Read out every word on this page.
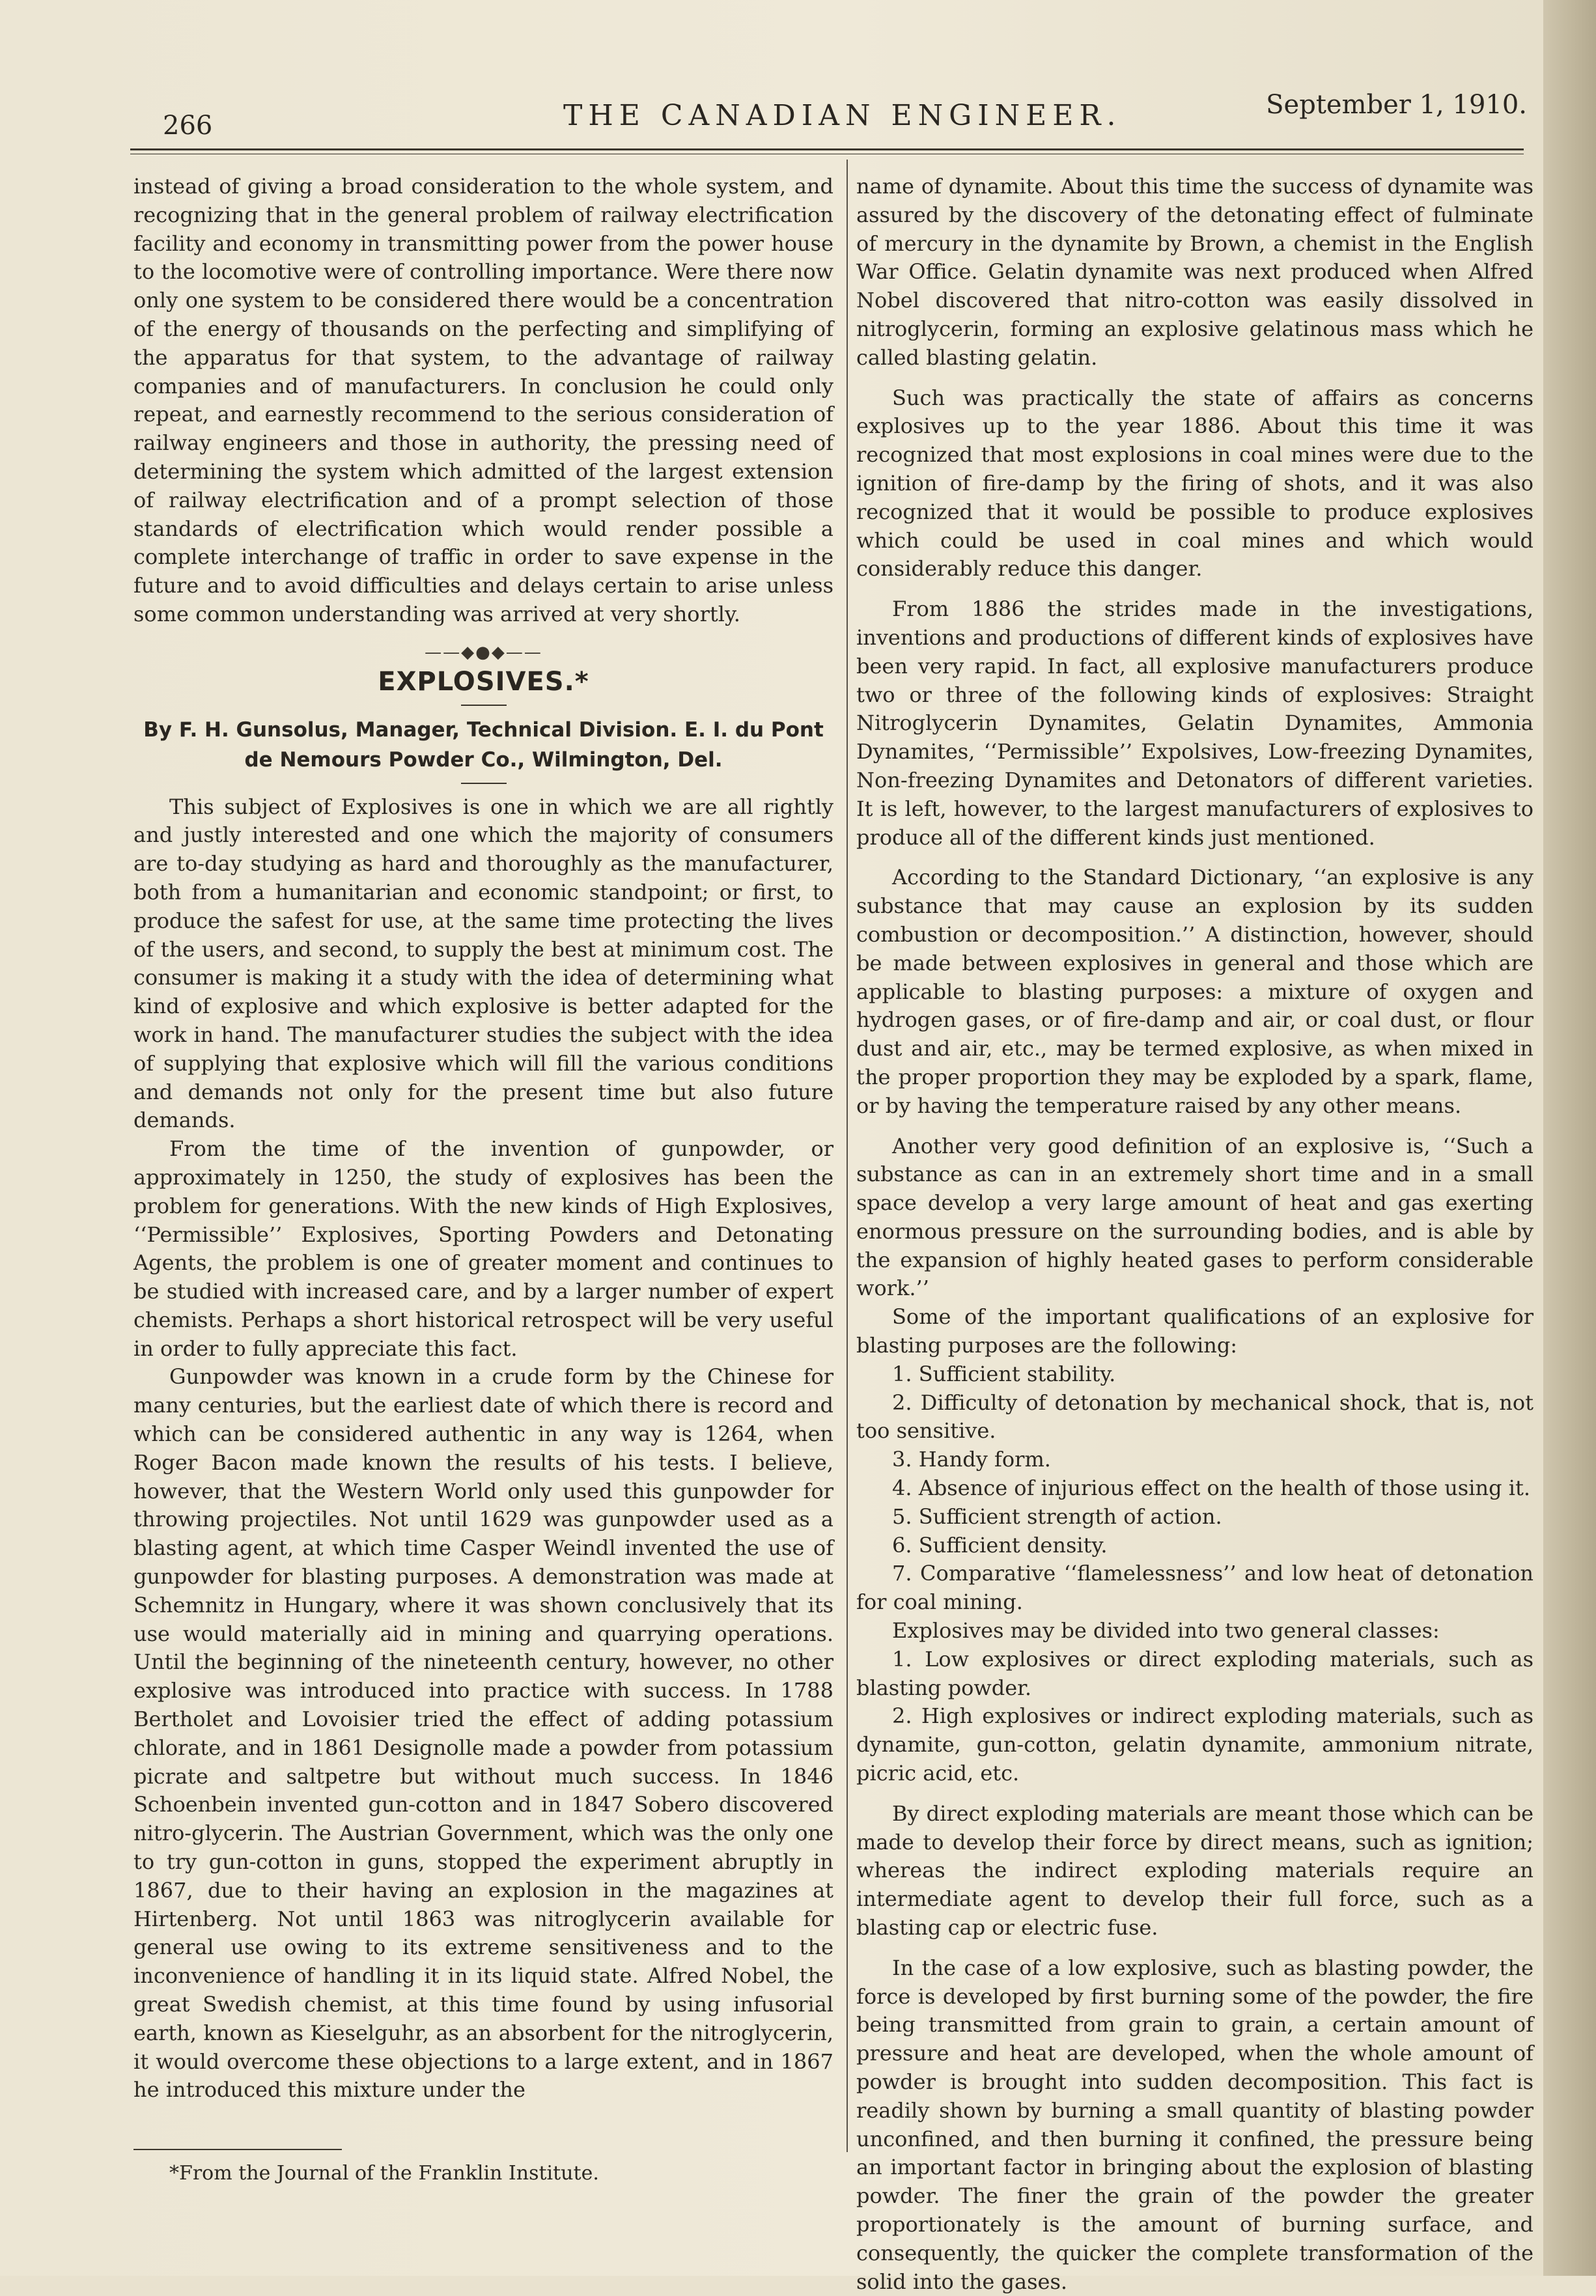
266	THE CANADIAN ENGINEER.	September 1, 1910.

instead of giving a broad consideration to the whole system, and recognizing that in the general problem of railway electrification facility and economy in transmitting power from the power house to the locomotive were of controlling importance. Were there now only one system to be considered there would be a concentration of the energy of thousands on the perfecting and simplifying of the apparatus for that system, to the advantage of railway companies and of manufacturers. In conclusion he could only repeat, and earnestly recommend to the serious consideration of railway engineers and those in authority, the pressing need of determining the system which admitted of the largest extension of railway electrification and of a prompt selection of those standards of electrification which would render possible a complete interchange of traffic in order to save expense in the future and to avoid difficulties and delays certain to arise unless some common understanding was arrived at very shortly.

——◆●◆——
EXPLOSIVES.*
By F. H. Gunsolus, Manager, Technical Division. E. I. du Pont de Nemours Powder Co., Wilmington, Del.

This subject of Explosives is one in which we are all rightly and justly interested and one which the majority of consumers are to-day studying as hard and thoroughly as the manufacturer, both from a humanitarian and economic standpoint; or first, to produce the safest for use, at the same time protecting the lives of the users, and second, to supply the best at minimum cost. The consumer is making it a study with the idea of determining what kind of explosive and which explosive is better adapted for the work in hand. The manufacturer studies the subject with the idea of supplying that explosive which will fill the various conditions and demands not only for the present time but also future demands.

From the time of the invention of gunpowder, or approximately in 1250, the study of explosives has been the problem for generations. With the new kinds of High Explosives, ‘‘Permissible’’ Explosives, Sporting Powders and Detonating Agents, the problem is one of greater moment and continues to be studied with increased care, and by a larger number of expert chemists. Perhaps a short historical retrospect will be very useful in order to fully appreciate this fact.

Gunpowder was known in a crude form by the Chinese for many centuries, but the earliest date of which there is record and which can be considered authentic in any way is 1264, when Roger Bacon made known the results of his tests. I believe, however, that the Western World only used this gunpowder for throwing projectiles. Not until 1629 was gunpowder used as a blasting agent, at which time Casper Weindl invented the use of gunpowder for blasting purposes. A demonstration was made at Schemnitz in Hungary, where it was shown conclusively that its use would materially aid in mining and quarrying operations. Until the beginning of the nineteenth century, however, no other explosive was introduced into practice with success. In 1788 Bertholet and Lovoisier tried the effect of adding potassium chlorate, and in 1861 Designolle made a powder from potassium picrate and saltpetre but without much success. In 1846 Schoenbein invented gun-cotton and in 1847 Sobero discovered nitro-glycerin. The Austrian Government, which was the only one to try gun-cotton in guns, stopped the experiment abruptly in 1867, due to their having an explosion in the magazines at Hirtenberg. Not until 1863 was nitroglycerin available for general use owing to its extreme sensitiveness and to the inconvenience of handling it in its liquid state. Alfred Nobel, the great Swedish chemist, at this time found by using infusorial earth, known as Kieselguhr, as an absorbent for the nitroglycerin, it would overcome these objections to a large extent, and in 1867 he introduced this mixture under the

*From the Journal of the Franklin Institute.

name of dynamite. About this time the success of dynamite was assured by the discovery of the detonating effect of fulminate of mercury in the dynamite by Brown, a chemist in the English War Office. Gelatin dynamite was next produced when Alfred Nobel discovered that nitro-cotton was easily dissolved in nitroglycerin, forming an explosive gelatinous mass which he called blasting gelatin.

Such was practically the state of affairs as concerns explosives up to the year 1886. About this time it was recognized that most explosions in coal mines were due to the ignition of fire-damp by the firing of shots, and it was also recognized that it would be possible to produce explosives which could be used in coal mines and which would considerably reduce this danger.

From 1886 the strides made in the investigations, inventions and productions of different kinds of explosives have been very rapid. In fact, all explosive manufacturers produce two or three of the following kinds of explosives: Straight Nitroglycerin Dynamites, Gelatin Dynamites, Ammonia Dynamites, ‘‘Permissible’’ Expolsives, Low-freezing Dynamites, Non-freezing Dynamites and Detonators of different varieties. It is left, however, to the largest manufacturers of explosives to produce all of the different kinds just mentioned.

According to the Standard Dictionary, ‘‘an explosive is any substance that may cause an explosion by its sudden combustion or decomposition.’’ A distinction, however, should be made between explosives in general and those which are applicable to blasting purposes: a mixture of oxygen and hydrogen gases, or of fire-damp and air, or coal dust, or flour dust and air, etc., may be termed explosive, as when mixed in the proper proportion they may be exploded by a spark, flame, or by having the temperature raised by any other means.

Another very good definition of an explosive is, ‘‘Such a substance as can in an extremely short time and in a small space develop a very large amount of heat and gas exerting enormous pressure on the surrounding bodies, and is able by the expansion of highly heated gases to perform considerable work.’’

Some of the important qualifications of an explosive for blasting purposes are the following:

1. Sufficient stability.

2. Difficulty of detonation by mechanical shock, that is, not too sensitive.

3. Handy form.

4. Absence of injurious effect on the health of those using it.

5. Sufficient strength of action.

6. Sufficient density.

7. Comparative ‘‘flamelessness’’ and low heat of detonation for coal mining.

Explosives may be divided into two general classes:

1. Low explosives or direct exploding materials, such as blasting powder.

2. High explosives or indirect exploding materials, such as dynamite, gun-cotton, gelatin dynamite, ammonium nitrate, picric acid, etc.

By direct exploding materials are meant those which can be made to develop their force by direct means, such as ignition; whereas the indirect exploding materials require an intermediate agent to develop their full force, such as a blasting cap or electric fuse.

In the case of a low explosive, such as blasting powder, the force is developed by first burning some of the powder, the fire being transmitted from grain to grain, a certain amount of pressure and heat are developed, when the whole amount of powder is brought into sudden decomposition. This fact is readily shown by burning a small quantity of blasting powder unconfined, and then burning it confined, the pressure being an important factor in bringing about the explosion of blasting powder. The finer the grain of the powder the greater proportionately is the amount of burning surface, and consequently, the quicker the complete transformation of the solid into the gases.
